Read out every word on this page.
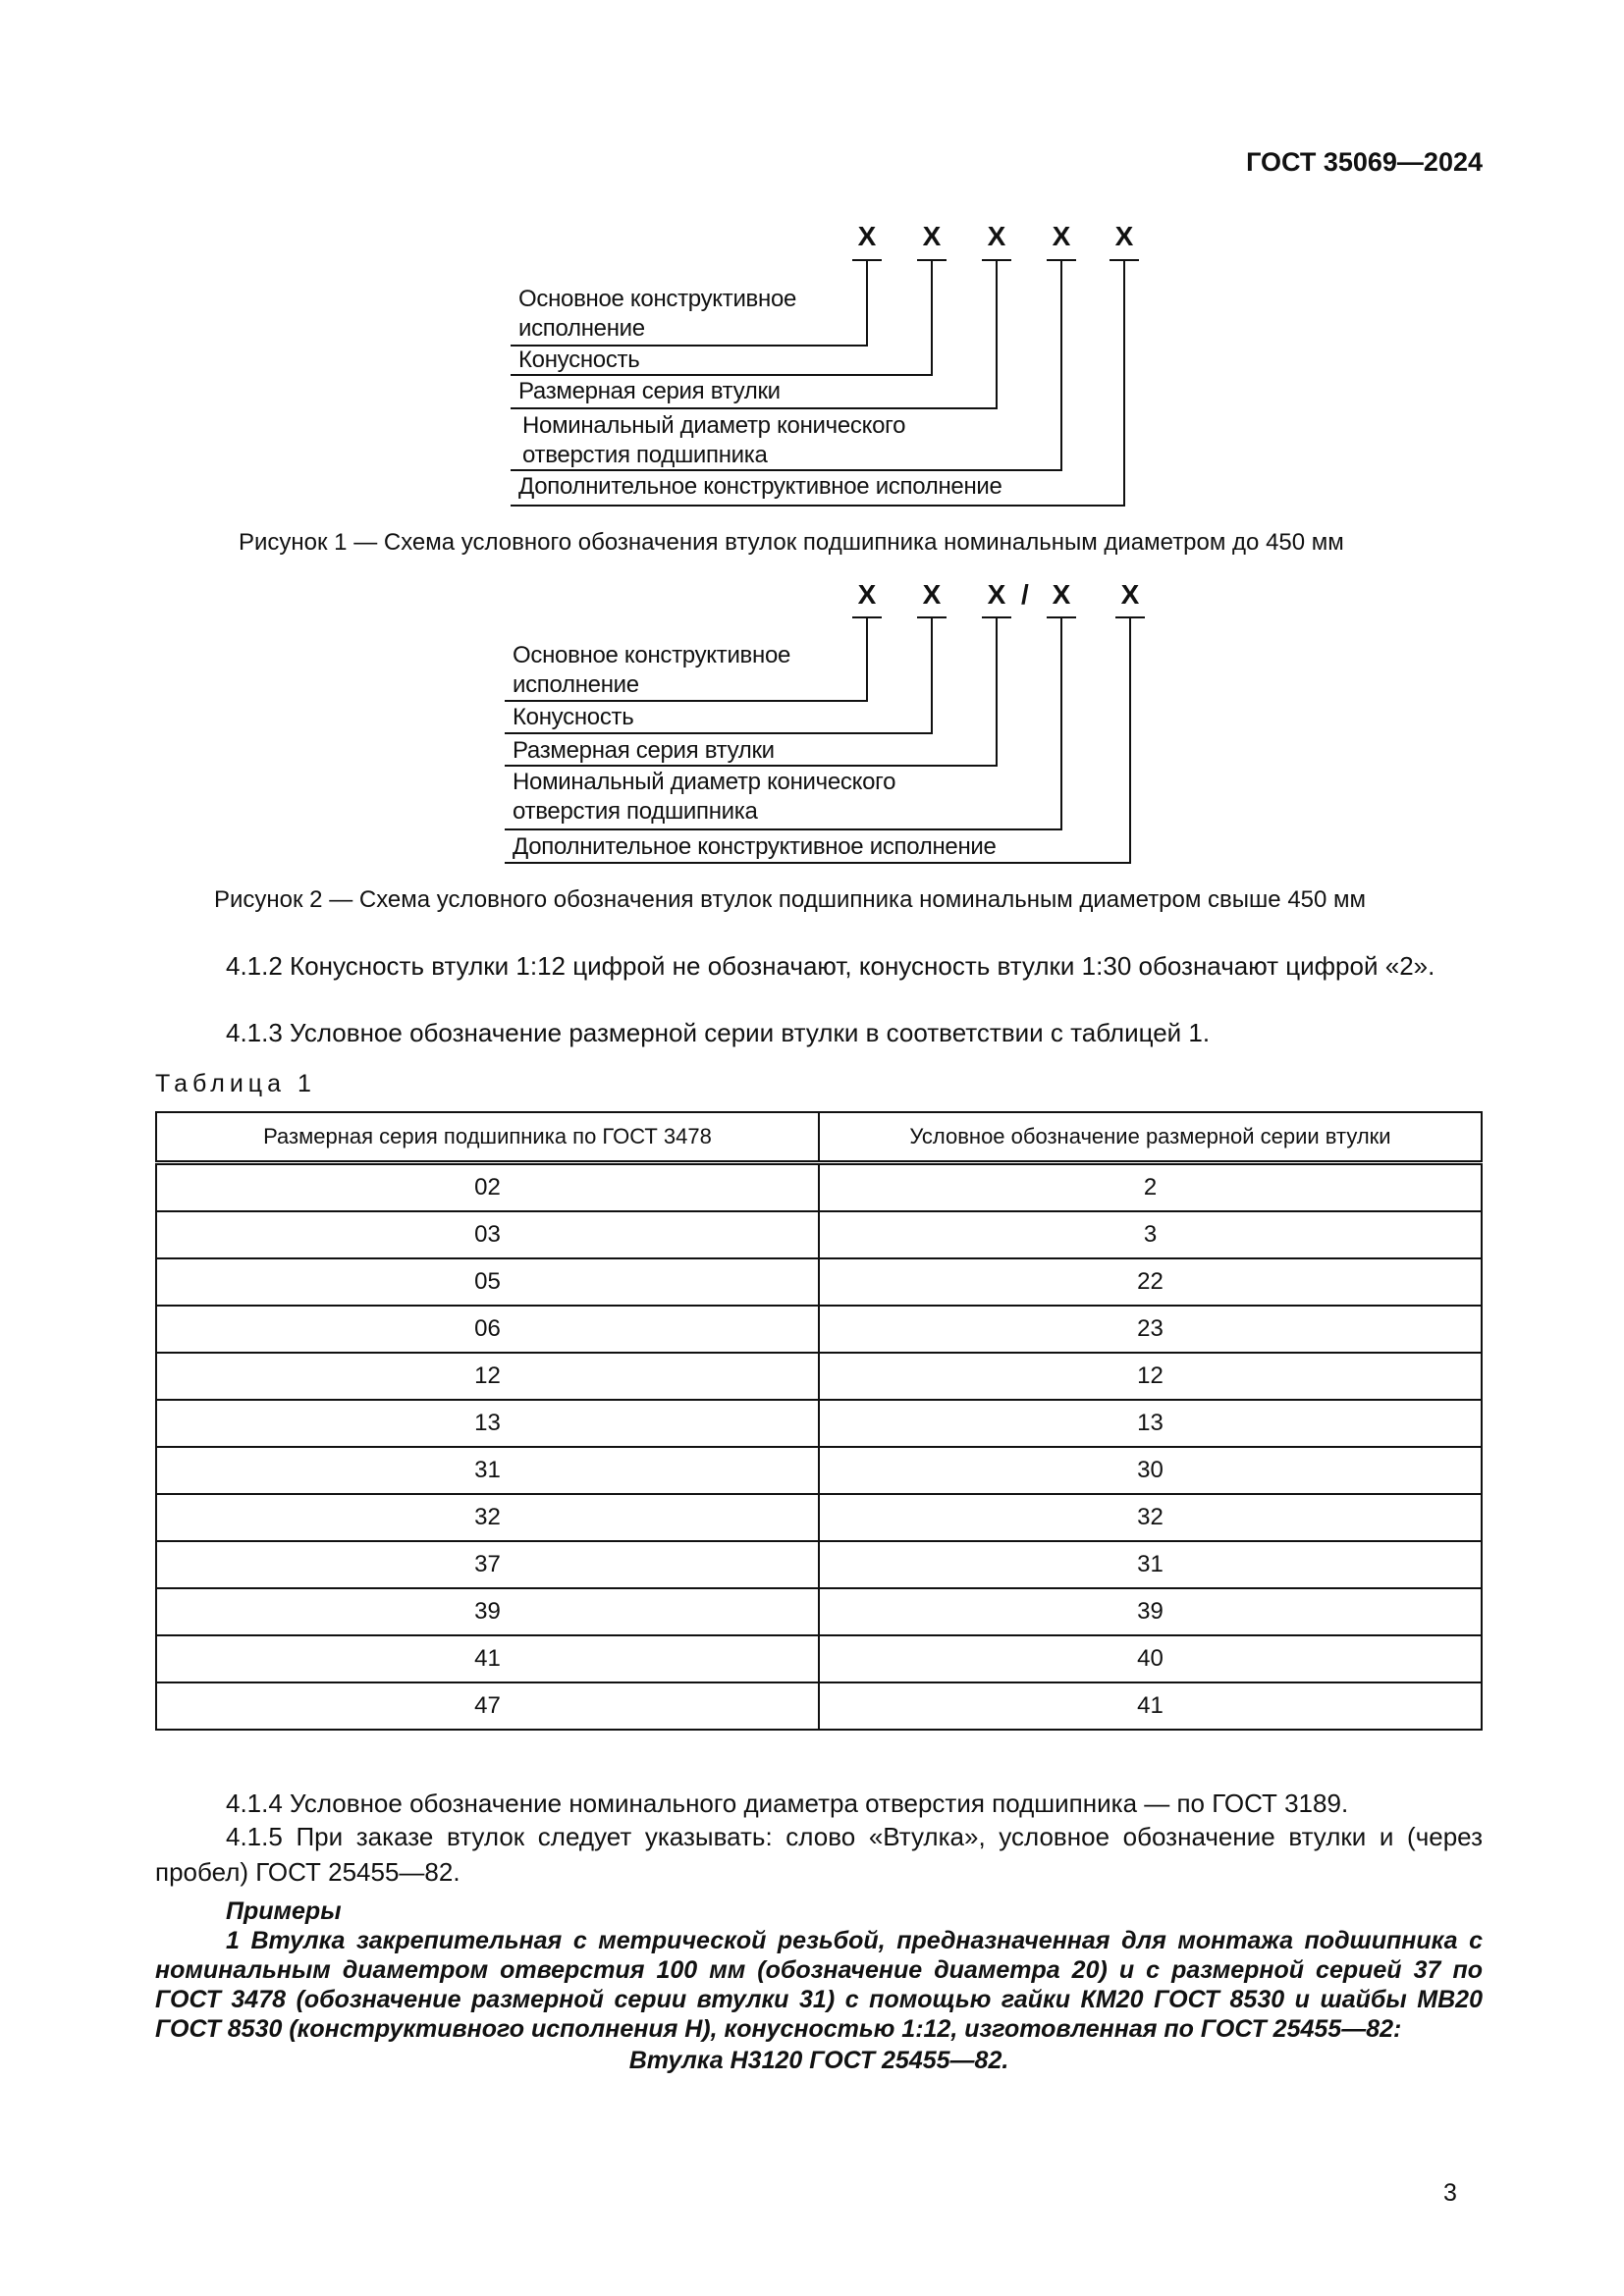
ГОСТ 35069—2024
X X X X X
Основное конструктивное
исполнение
Конусность
Размерная серия втулки
Номинальный диаметр конического
отверстия подшипника
Дополнительное конструктивное исполнение
Рисунок 1 — Схема условного обозначения втулок подшипника номинальным диаметром до 450 мм
X X X / X X
Основное конструктивное
исполнение
Конусность
Размерная серия втулки
Номинальный диаметр конического
отверстия подшипника
Дополнительное конструктивное исполнение
Рисунок 2 — Схема условного обозначения втулок подшипника номинальным диаметром свыше 450 мм
4.1.2 Конусность втулки 1:12 цифрой не обозначают, конусность втулки 1:30 обозначают цифрой «2».
4.1.3 Условное обозначение размерной серии втулки в соответствии с таблицей 1.
Таблица 1
Размерная серия подшипника по ГОСТ 3478	Условное обозначение размерной серии втулки
02	2
03	3
05	22
06	23
12	12
13	13
31	30
32	32
37	31
39	39
41	40
47	41
4.1.4 Условное обозначение номинального диаметра отверстия подшипника — по ГОСТ 3189.
4.1.5 При заказе втулок следует указывать: слово «Втулка», условное обозначение втулки и (через пробел) ГОСТ 25455—82.
Примеры
1 Втулка закрепительная с метрической резьбой, предназначенная для монтажа подшипника с номинальным диаметром отверстия 100 мм (обозначение диаметра 20) и с размерной серией 37 по ГОСТ 3478 (обозначение размерной серии втулки 31) с помощью гайки КМ20 ГОСТ 8530 и шайбы МВ20 ГОСТ 8530 (конструктивного исполнения Н), конусностью 1:12, изготовленная по ГОСТ 25455—82:
Втулка Н3120 ГОСТ 25455—82.
3
